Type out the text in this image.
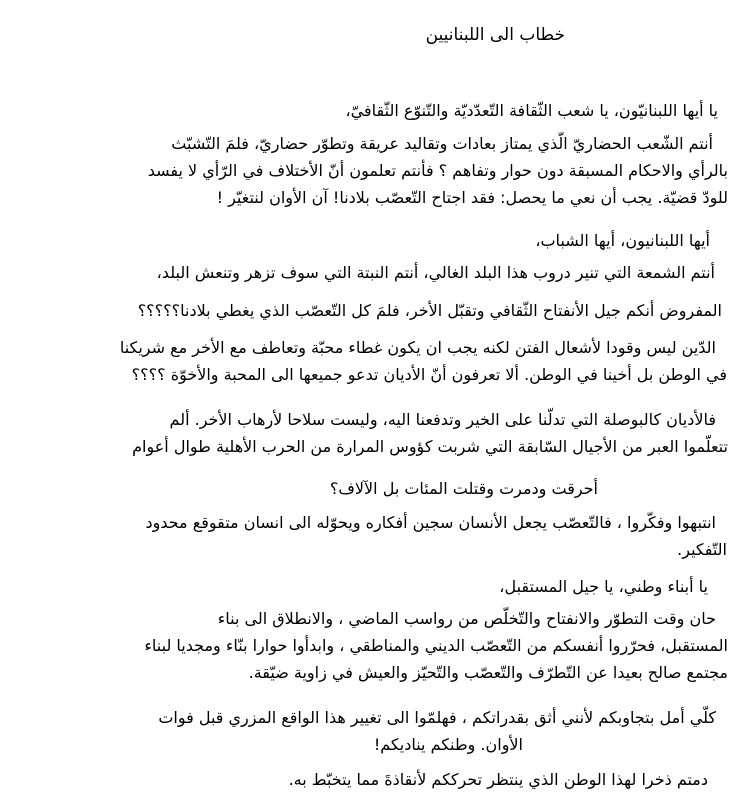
خطاب الى اللبنانيين
يا أيها اللبنانيّون، يا شعب الثّقافة التّعدّديّة والتّنوّع الثّقافيّ،
أنتم الشّعب الحضاريّ الّذي يمتاز بعادات وتقاليد عريقة وتطوّر حضاريّ، فلمَ التّشبّث
بالرأي والاحكام المسبقة دون حوار وتفاهم ؟ فأنتم تعلمون أنّ الأختلاف في الرّأي لا يفسد
للودّ قضيّة. يجب أن نعي ما يحصل: فقد اجتاح التّعصّب بلادنا! آن الأوان لنتغيّر !
أيها اللبنانيون، أيها الشباب،
أنتم الشمعة التي تنير دروب هذا البلد الغالي، أنتم النبتة التي سوف تزهر وتنعش البلد،
المفروض أنكم جيل الأنفتاح الثّقافي وتقبّل الأخر، فلمَ كل التّعصّب الذي يغطي بلادنا؟؟؟؟؟
الدّين ليس وقودا لأشعال الفتن لكنه يجب ان يكون غطاء محبّة وتعاطف مع الأخر مع شريكنا
في الوطن بل أخينا في الوطن. ألا تعرفون أنّ الأديان تدعو جميعها الى المحبة والأخوّة ؟؟؟؟
فالأديان كالبوصلة التي تدلّنا على الخير وتدفعنا اليه، وليست سلاحا لأرهاب الأخر. ألم
تتعلّموا العبر من الأجيال السّابقة التي شربت كؤوس المرارة من الحرب الأهلية طوال أعوام
أحرقت ودمرت وقتلت المئات بل الآلاف؟
انتبهوا وفكّروا ، فالتّعصّب يجعل الأنسان سجين أفكاره ويحوّله الى انسان متقوقع محدود
التّفكير.
يا أبناء وطني، يا جيل المستقبل،
حان وقت التطوّر والانفتاح والتّخلّص من رواسب الماضي ، والانطلاق الى بناء
المستقبل، فحرّروا أنفسكم من التّعصّب الديني والمناطقي ، وابدأوا حوارا بنّاء ومجديا لبناء
مجتمع صالح بعيدا عن التّطرّف والتّعصّب والتّحيّز والعيش في زاوية ضيّقة.
كلّي أمل بتجاوبكم لأنني أثق بقدراتكم ، فهلمّوا الى تغيير هذا الواقع المزري قبل فوات
الأوان. وطنكم يناديكم!
دمتم ذخرا لهذا الوطن الذي ينتظر تحرككم لأنقاذةَ مما يتخبّط به.
